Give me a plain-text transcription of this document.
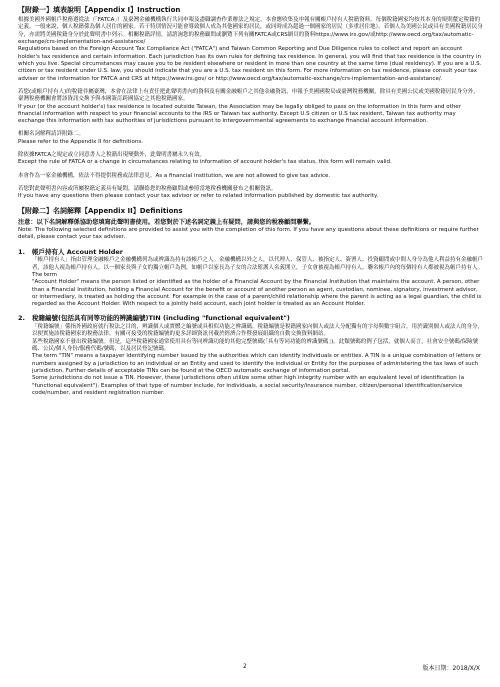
【附錄一】填表說明【Appendix I】Instruction
根據美國外國帳戶稅務遵從法（「FATCA」）及臺灣金融機構執行共同申報及盡職調查作業辦法之規定，本會應收集及申報有關帳戶持有人稅籍資料。每個稅籍國家均按其本身的規則釐定稅籍的定義。一般來說，個人稅籍係為個人居住的國家。若干特別情況可能會導致個人成為其他國家的居民，或同時成為超過一個國家的居民（多重居住地）。若個人為美國公民或具有美國稅籍居民身分，亦需將美國稅籍身分於此聲明書中列示。相關稅籍詳情，請諮詢您的稅務顧問或瀏覽下列有關FATCA或CRS網頁的資料https://www.irs.gov/或http://www.oecd.org/tax/automatic-exchange/crs-implementation-and-assistance/
Regulations based on the Foreign Account Tax Compliance Act ("FATCA") and Taiwan Common Reporting and Due Diligence rules to collect and report an account holder's tax residence and certain information. Each jurisdiction has its own rules for defining tax residence. In general, you will find that tax residence is the country in which you live. Special circumstances may cause you to be resident elsewhere or resident in more than one country at the same time (dual residency). If you are a U.S. citizen or tax resident under U.S. law, you should indicate that you are a U.S. tax resident on this form. For more information on tax residence, please consult your tax adviser or the information for FATCA and CRS at https://www.irs.gov/ or http://www.oecd.org/tax/automatic-exchange/crs-implementation-and-assistance/.
若您(或帳戶持有人)的稅籍非屬臺灣，本會在法律上有責任把此聲明書內的資料及有關金融帳戶之其他金融資訊，申報予美國國稅局或臺灣稅務機關，除具有美國公民或美國稅籍居民身分外，臺灣稅務機關會將該資訊交換予與本國簽訂跨國協定之其他稅籍國家。
If your (or the account holder's) tax residence is located outside Taiwan, the Association may be legally obliged to pass on the information in this form and other financial information with respect to your financial accounts to the IRS or Taiwan tax authority. Except U.S citizen or U.S tax resident, Taiwan tax authority may exchange this information with tax authorities of jurisdictions pursuant to intergovernmental agreements to exchange financial account information.
相關名詞解釋請詳附錄二。
Please refer to the Appendix II for definitions.
除依據FATCA之規定或立同意書人之稅籍出現變動外，此聲明書屬永久有效。
Except the rule of FATCA or a change in circumstances relating to information of account holder's tax status, this form will remain valid.
本會作為一家金融機構，依法不得提供稅務或法律意見。As a financial institution, we are not allowed to give tax advice.
若您對此聲明書內容或所屬稅籍定義具有疑問，請聯絡您的稅務顧問或參照當地稅務機關發布之相關資訊。
If you have any questions then please contact your tax advisor or refer to related information published by domestic tax authority.
【附錄二】名詞解釋【Appendix II】Definitions
注意：以下名詞解釋係協助您填寫此聲明書使用。若您對於下述名詞定義上有疑問，請與您的稅務顧問聯繫。
Note: The following selected definitions are provided to assist you with the completion of this form. If you have any questions about these definitions or require further detail, please contact your tax adviser.
1.	帳戶持有人 Account Holder
「帳戶持有人」指由管理金融帳戶之金融機構列為或辨識為持有該帳戶之人。金融機構以外之人，以代理人、保管人、被指定人、簽署人、投資顧問或中間人身分為他人利益持有金融帳戶者，該他人視為帳戶持有人。以一個家長與子女的獨立帳戶為例，如帳戶以家長為子女的合法監護人名義開立，子女會被視為帳戶持有人。聯名帳戶內的每個持有人都被視為帳戶持有人。The term
"Account Holder" means the person listed or identified as the holder of a Financial Account by the Financial Institution that maintains the account. A person, other than a Financial Institution, holding a Financial Account for the benefit or account of another person as agent, custodian, nominee, signatory, investment advisor, or intermediary, is treated as holding the account. For example in the case of a parent/child relationship where the parent is acting as a legal guardian, the child is regarded as the Account Holder. With respect to a jointly held account, each joint holder is treated as an Account Holder.
2.	稅籍編號(包括具有同等功能的辨識編號)TIN (including "functional equivalent")
「稅籍編號」係指外國政府就行稅法之目的，辨識個人或實體之編號或具相似功能之辨識碼。稅籍編號是稅籍國家向個人或法人分配獨有的字母與數字組合，用於識別個人或法人的身分，以便實施該稅籍國家的稅務法律。有關可接受的稅籍編號的更多詳細資訊刊載於經濟合作暨發展組織的自動交換資料網站。
某些稅籍國家不發出稅籍編號。但是，這些稅籍國家通常使用具有等同辨識功能的其他完整號碼(「具有等同功能的辨識號碼」)。此類號碼的例子包括，就個人而言，社會安全號碼/保險號碼、公民/個人身份/服務代碼/號碼，以及居民登記號碼。
The term "TIN" means a taxpayer identifying number issued by the authorities which can identify individuals or entities. A TIN is a unique combination of letters or numbers assigned by a jurisdiction to an individual or an Entity and used to identify the individual or Entity for the purposes of administering the tax laws of such jurisdiction. Further details of acceptable TINs can be found at the OECD automatic exchange of information portal.
Some jurisdictions do not issue a TIN. However, these jurisdictions often utilize some other high integrity number with an equivalent level of identification (a "functional equivalent"). Examples of that type of number include, for individuals, a social security/insurance number, citizen/personal identification/service code/number, and resident registration number.
2	版本日期：2018/X/X
